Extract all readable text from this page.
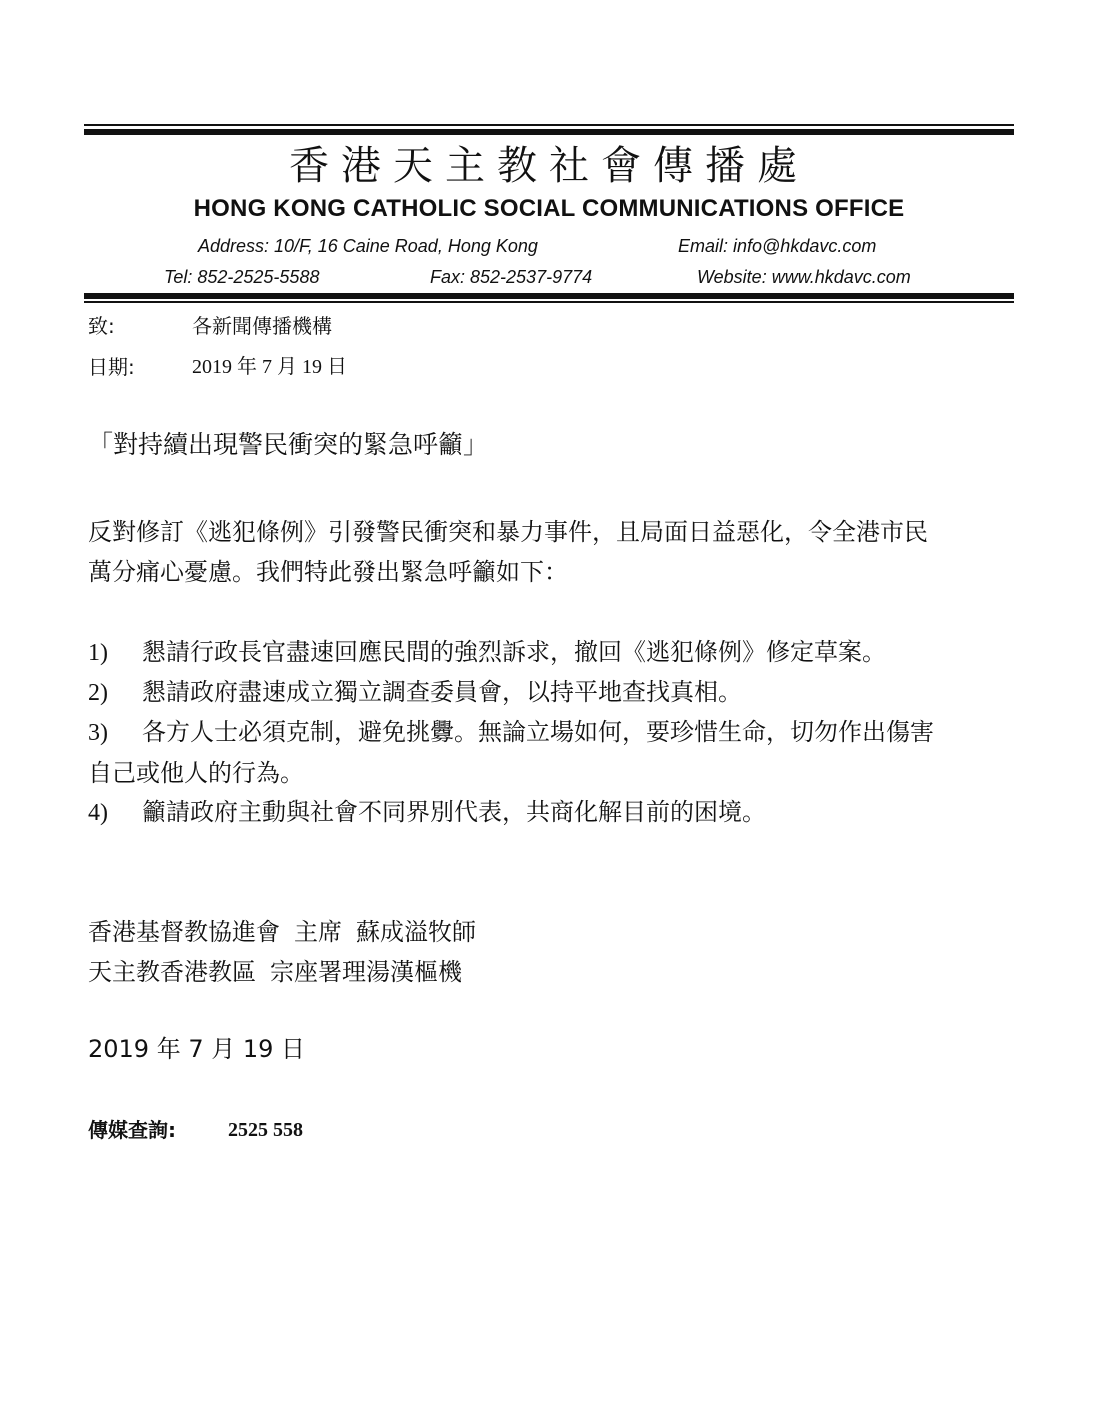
香港天主教社會傳播處
HONG KONG CATHOLIC SOCIAL COMMUNICATIONS OFFICE
Address: 10/F, 16 Caine Road, Hong Kong	Email: info@hkdavc.com
Tel: 852-2525-5588	Fax: 852-2537-9774	Website: www.hkdavc.com
致:	各新聞傳播機構
日期:	2019 年 7 月 19 日
「對持續出現警民衝突的緊急呼籲」

反對修訂《逃犯條例》引發警民衝突和暴力事件，且局面日益惡化，令全港市民

萬分痛心憂慮。我們特此發出緊急呼籲如下：

1) 懇請行政長官盡速回應民間的強烈訴求，撤回《逃犯條例》修定草案。
2) 懇請政府盡速成立獨立調查委員會，以持平地查找真相。
3) 各方人士必須克制，避免挑釁。無論立場如何，要珍惜生命，切勿作出傷害
自己或他人的行為。
4) 籲請政府主動與社會不同界別代表，共商化解目前的困境。
香港基督教協進會 主席 蘇成溢牧師
天主教香港教區 宗座署理湯漢樞機
2019 年 7 月 19 日
傳媒查詢:	2525 558
